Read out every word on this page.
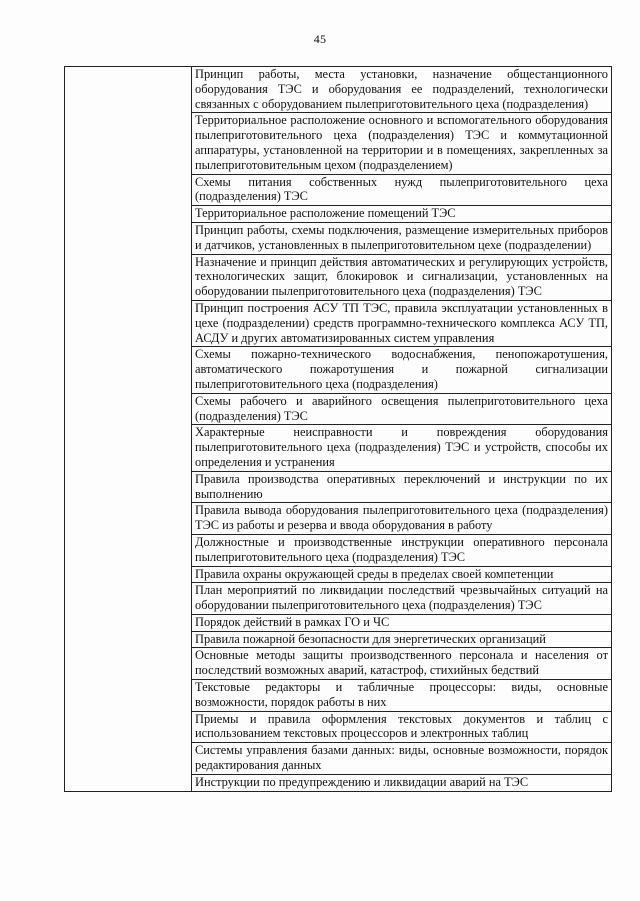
45
	Принцип работы, места установки, назначение общестанционного оборудования ТЭС и оборудования ее подразделений, технологически связанных с оборудованием пылеприготовительного цеха (подразделения)
Территориальное расположение основного и вспомогательного оборудования пылеприготовительного цеха (подразделения) ТЭС и коммутационной аппаратуры, установленной на территории и в помещениях, закрепленных за пылеприготовительным цехом (подразделением)
Схемы питания собственных нужд пылеприготовительного цеха (подразделения) ТЭС
Территориальное расположение помещений ТЭС
Принцип работы, схемы подключения, размещение измерительных приборов и датчиков, установленных в пылеприготовительном цехе (подразделении)
Назначение и принцип действия автоматических и регулирующих устройств, технологических защит, блокировок и сигнализации, установленных на оборудовании пылеприготовительного цеха (подразделения) ТЭС
Принцип построения АСУ ТП ТЭС, правила эксплуатации установленных в цехе (подразделении) средств программно-технического комплекса АСУ ТП, АСДУ и других автоматизированных систем управления
Схемы пожарно-технического водоснабжения, пенопожаротушения, автоматического пожаротушения и пожарной сигнализации пылеприготовительного цеха (подразделения)
Схемы рабочего и аварийного освещения пылеприготовительного цеха (подразделения) ТЭС
Характерные неисправности и повреждения оборудования пылеприготовительного цеха (подразделения) ТЭС и устройств, способы их определения и устранения
Правила производства оперативных переключений и инструкции по их выполнению
Правила вывода оборудования пылеприготовительного цеха (подразделения) ТЭС из работы и резерва и ввода оборудования в работу
Должностные и производственные инструкции оперативного персонала пылеприготовительного цеха (подразделения) ТЭС
Правила охраны окружающей среды в пределах своей компетенции
План мероприятий по ликвидации последствий чрезвычайных ситуаций на оборудовании пылеприготовительного цеха (подразделения) ТЭС
Порядок действий в рамках ГО и ЧС
Правила пожарной безопасности для энергетических организаций
Основные методы защиты производственного персонала и населения от последствий возможных аварий, катастроф, стихийных бедствий
Текстовые редакторы и табличные процессоры: виды, основные возможности, порядок работы в них
Приемы и правила оформления текстовых документов и таблиц с использованием текстовых процессоров и электронных таблиц
Системы управления базами данных: виды, основные возможности, порядок редактирования данных
Инструкции по предупреждению и ликвидации аварий на ТЭС
